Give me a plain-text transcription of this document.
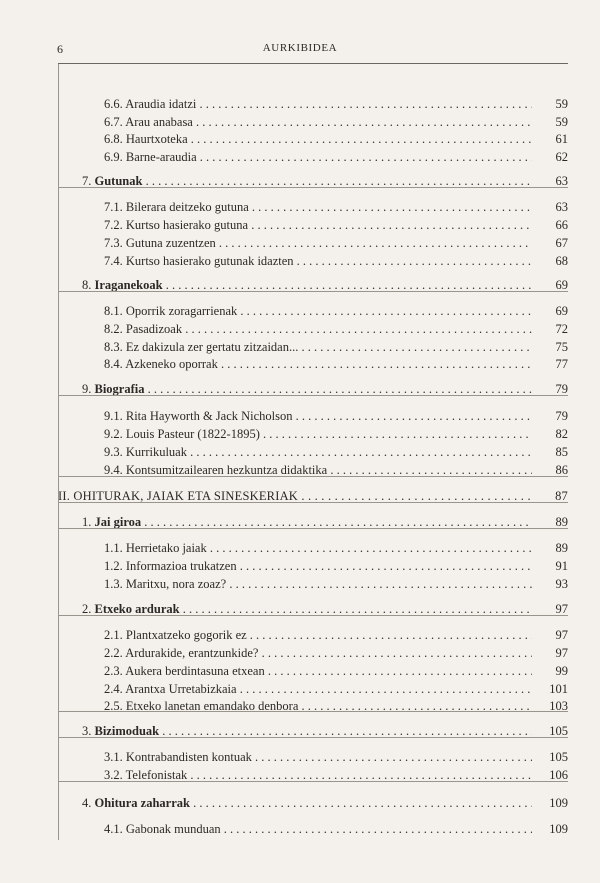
6	AURKIBIDEA
6.6. Araudia idatzi . . .	59
6.7. Arau anabasa . . .	59
6.8. Haurtxoteka . . .	61
6.9. Barne-araudia . . .	62
7. Gutunak . . .	63
7.1. Bilerara deitzeko gutuna . . .	63
7.2. Kurtso hasierako gutuna . . .	66
7.3. Gutuna zuzentzen . . .	67
7.4. Kurtso hasierako gutunak idazten . . .	68
8. Iraganekoak . . .	69
8.1. Oporrik zoragarrienak . . .	69
8.2. Pasadizoak . . .	72
8.3. Ez dakizula zer gertatu zitzaidan... . . .	75
8.4. Azkeneko oporrak . . .	77
9. Biografia . . .	79
9.1. Rita Hayworth & Jack Nicholson . . .	79
9.2. Louis Pasteur (1822-1895) . . .	82
9.3. Kurrikuluak . . .	85
9.4. Kontsumitzailearen hezkuntza didaktika . . .	86
II. OHITURAK, JAIAK ETA SINESKERIAK . . .	87
1. Jai giroa . . .	89
1.1. Herrietako jaiak . . .	89
1.2. Informazioa trukatzen . . .	91
1.3. Maritxu, nora zoaz? . . .	93
2. Etxeko ardurak . . .	97
2.1. Plantxatzeko gogorik ez . . .	97
2.2. Ardurakide, erantzunkide? . . .	97
2.3. Aukera berdintasuna etxean . . .	99
2.4. Arantxa Urretabizkaia . . .	101
2.5. Etxeko lanetan emandako denbora . . .	103
3. Bizimoduak . . .	105
3.1. Kontrabandisten kontuak . . .	105
3.2. Telefonistak . . .	106
4. Ohitura zaharrak . . .	109
4.1. Gabonak munduan . . .	109
